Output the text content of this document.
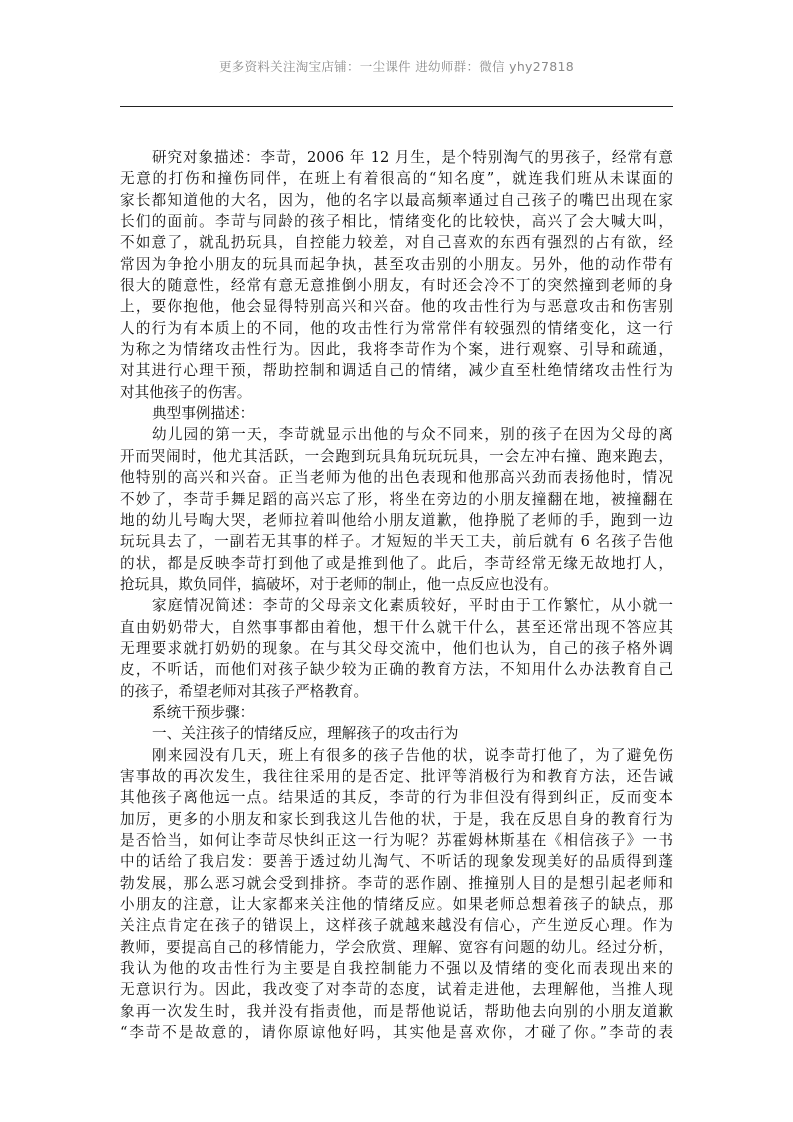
更多资料关注淘宝店铺：一尘课件 进幼师群：微信 yhy27818
研究对象描述：李苛，2006 年 12 月生，是个特别淘气的男孩子，经常有意
无意的打伤和撞伤同伴，在班上有着很高的“知名度”，就连我们班从未谋面的
家长都知道他的大名，因为，他的名字以最高频率通过自己孩子的嘴巴出现在家
长们的面前。李苛与同龄的孩子相比，情绪变化的比较快，高兴了会大喊大叫，
不如意了，就乱扔玩具，自控能力较差，对自己喜欢的东西有强烈的占有欲，经
常因为争抢小朋友的玩具而起争执，甚至攻击别的小朋友。另外，他的动作带有
很大的随意性，经常有意无意推倒小朋友，有时还会冷不丁的突然撞到老师的身
上，要你抱他，他会显得特别高兴和兴奋。他的攻击性行为与恶意攻击和伤害别
人的行为有本质上的不同，他的攻击性行为常常伴有较强烈的情绪变化，这一行
为称之为情绪攻击性行为。因此，我将李苛作为个案，进行观察、引导和疏通，
对其进行心理干预，帮助控制和调适自己的情绪，减少直至杜绝情绪攻击性行为
对其他孩子的伤害。
典型事例描述：
幼儿园的第一天，李苛就显示出他的与众不同来，别的孩子在因为父母的离
开而哭闹时，他尤其活跃，一会跑到玩具角玩玩玩具，一会左冲右撞、跑来跑去，
他特别的高兴和兴奋。正当老师为他的出色表现和他那高兴劲而表扬他时，情况
不妙了，李苛手舞足蹈的高兴忘了形，将坐在旁边的小朋友撞翻在地，被撞翻在
地的幼儿号啕大哭，老师拉着叫他给小朋友道歉，他挣脱了老师的手，跑到一边
玩玩具去了，一副若无其事的样子。才短短的半天工夫，前后就有 6 名孩子告他
的状，都是反映李苛打到他了或是推到他了。此后，李苛经常无缘无故地打人，
抢玩具，欺负同伴，搞破坏，对于老师的制止，他一点反应也没有。
家庭情况简述：李苛的父母亲文化素质较好，平时由于工作繁忙，从小就一
直由奶奶带大，自然事事都由着他，想干什么就干什么，甚至还常出现不答应其
无理要求就打奶奶的现象。在与其父母交流中，他们也认为，自己的孩子格外调
皮，不听话，而他们对孩子缺少较为正确的教育方法，不知用什么办法教育自己
的孩子，希望老师对其孩子严格教育。
系统干预步骤：
一、关注孩子的情绪反应，理解孩子的攻击行为
刚来园没有几天，班上有很多的孩子告他的状，说李苛打他了，为了避免伤
害事故的再次发生，我往往采用的是否定、批评等消极行为和教育方法，还告诫
其他孩子离他远一点。结果适的其反，李苛的行为非但没有得到纠正，反而变本
加厉，更多的小朋友和家长到我这儿告他的状，于是，我在反思自身的教育行为
是否恰当，如何让李苛尽快纠正这一行为呢？苏霍姆林斯基在《相信孩子》一书
中的话给了我启发：要善于透过幼儿淘气、不听话的现象发现美好的品质得到蓬
勃发展，那么恶习就会受到排挤。李苛的恶作剧、推撞别人目的是想引起老师和
小朋友的注意，让大家都来关注他的情绪反应。如果老师总想着孩子的缺点，那
关注点肯定在孩子的错误上，这样孩子就越来越没有信心，产生逆反心理。作为
教师，要提高自己的移情能力，学会欣赏、理解、宽容有问题的幼儿。经过分析，
我认为他的攻击性行为主要是自我控制能力不强以及情绪的变化而表现出来的
无意识行为。因此，我改变了对李苛的态度，试着走进他，去理解他，当推人现
象再一次发生时，我并没有指责他，而是帮他说话，帮助他去向别的小朋友道歉
“李苛不是故意的，请你原谅他好吗，其实他是喜欢你，才碰了你。”李苛的表
